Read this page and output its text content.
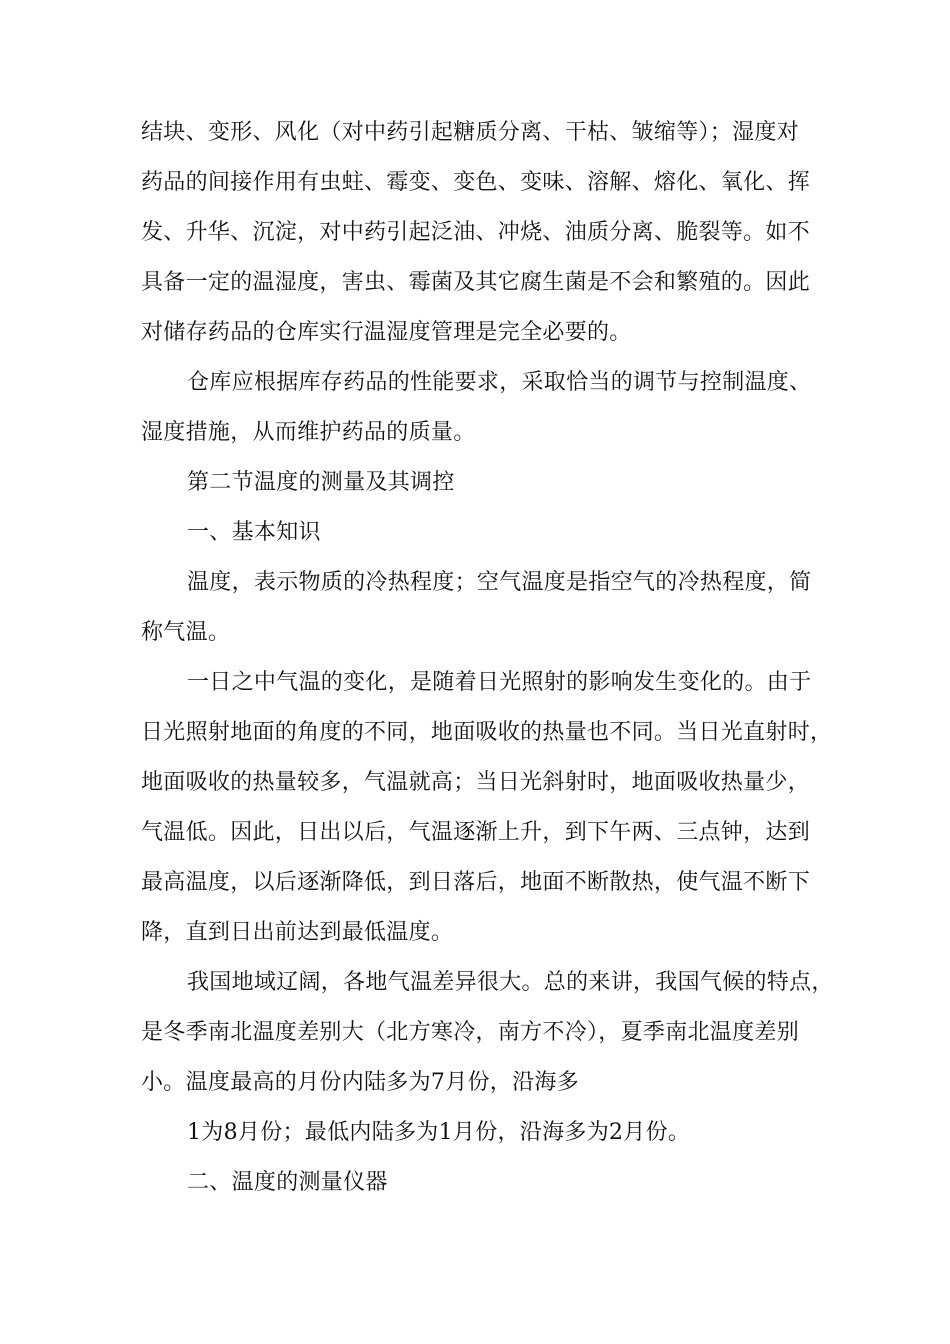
结块、变形、风化（对中药引起糖质分离、干枯、皱缩等）；湿度对
药品的间接作用有虫蛀、霉变、变色、变味、溶解、熔化、氧化、挥
发、升华、沉淀，对中药引起泛油、冲烧、油质分离、脆裂等。如不
具备一定的温湿度，害虫、霉菌及其它腐生菌是不会和繁殖的。因此
对储存药品的仓库实行温湿度管理是完全必要的。
仓库应根据库存药品的性能要求，采取恰当的调节与控制温度、
湿度措施，从而维护药品的质量。
第二节温度的测量及其调控
一、基本知识
温度，表示物质的冷热程度；空气温度是指空气的冷热程度，简
称气温。
一日之中气温的变化，是随着日光照射的影响发生变化的。由于
日光照射地面的角度的不同，地面吸收的热量也不同。当日光直射时，
地面吸收的热量较多，气温就高；当日光斜射时，地面吸收热量少，
气温低。因此，日出以后，气温逐渐上升，到下午两、三点钟，达到
最高温度，以后逐渐降低，到日落后，地面不断散热，使气温不断下
降，直到日出前达到最低温度。
我国地域辽阔，各地气温差异很大。总的来讲，我国气候的特点，
是冬季南北温度差别大（北方寒冷，南方不冷），夏季南北温度差别
小。温度最高的月份内陆多为7月份，沿海多
1为8月份；最低内陆多为1月份，沿海多为2月份。
二、温度的测量仪器
